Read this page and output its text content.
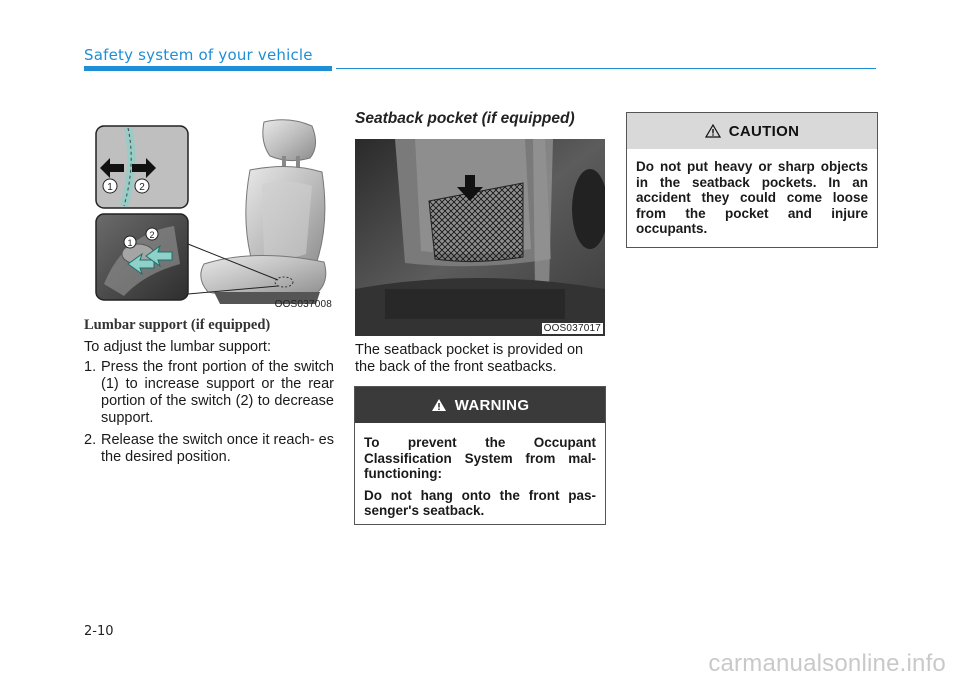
Safety system of your vehicle
1	2
1
2
OOS037008
Lumbar support (if equipped)
To adjust the lumbar support:
1. Press the front portion of the switch (1) to increase support or the rear portion of the switch (2) to decrease support.
2. Release the switch once it reach- es the desired position.
Seatback pocket (if equipped)
OOS037017
The seatback pocket is provided on the back of the front seatbacks.
WARNING

To prevent the Occupant Classification System from mal- functioning:

Do not hang onto the front pas- senger's seatback.

CAUTION

Do not put heavy or sharp objects in the seatback pockets. In an accident they could come loose from the pocket and injure occupants.

2-10
carmanualsonline.info
